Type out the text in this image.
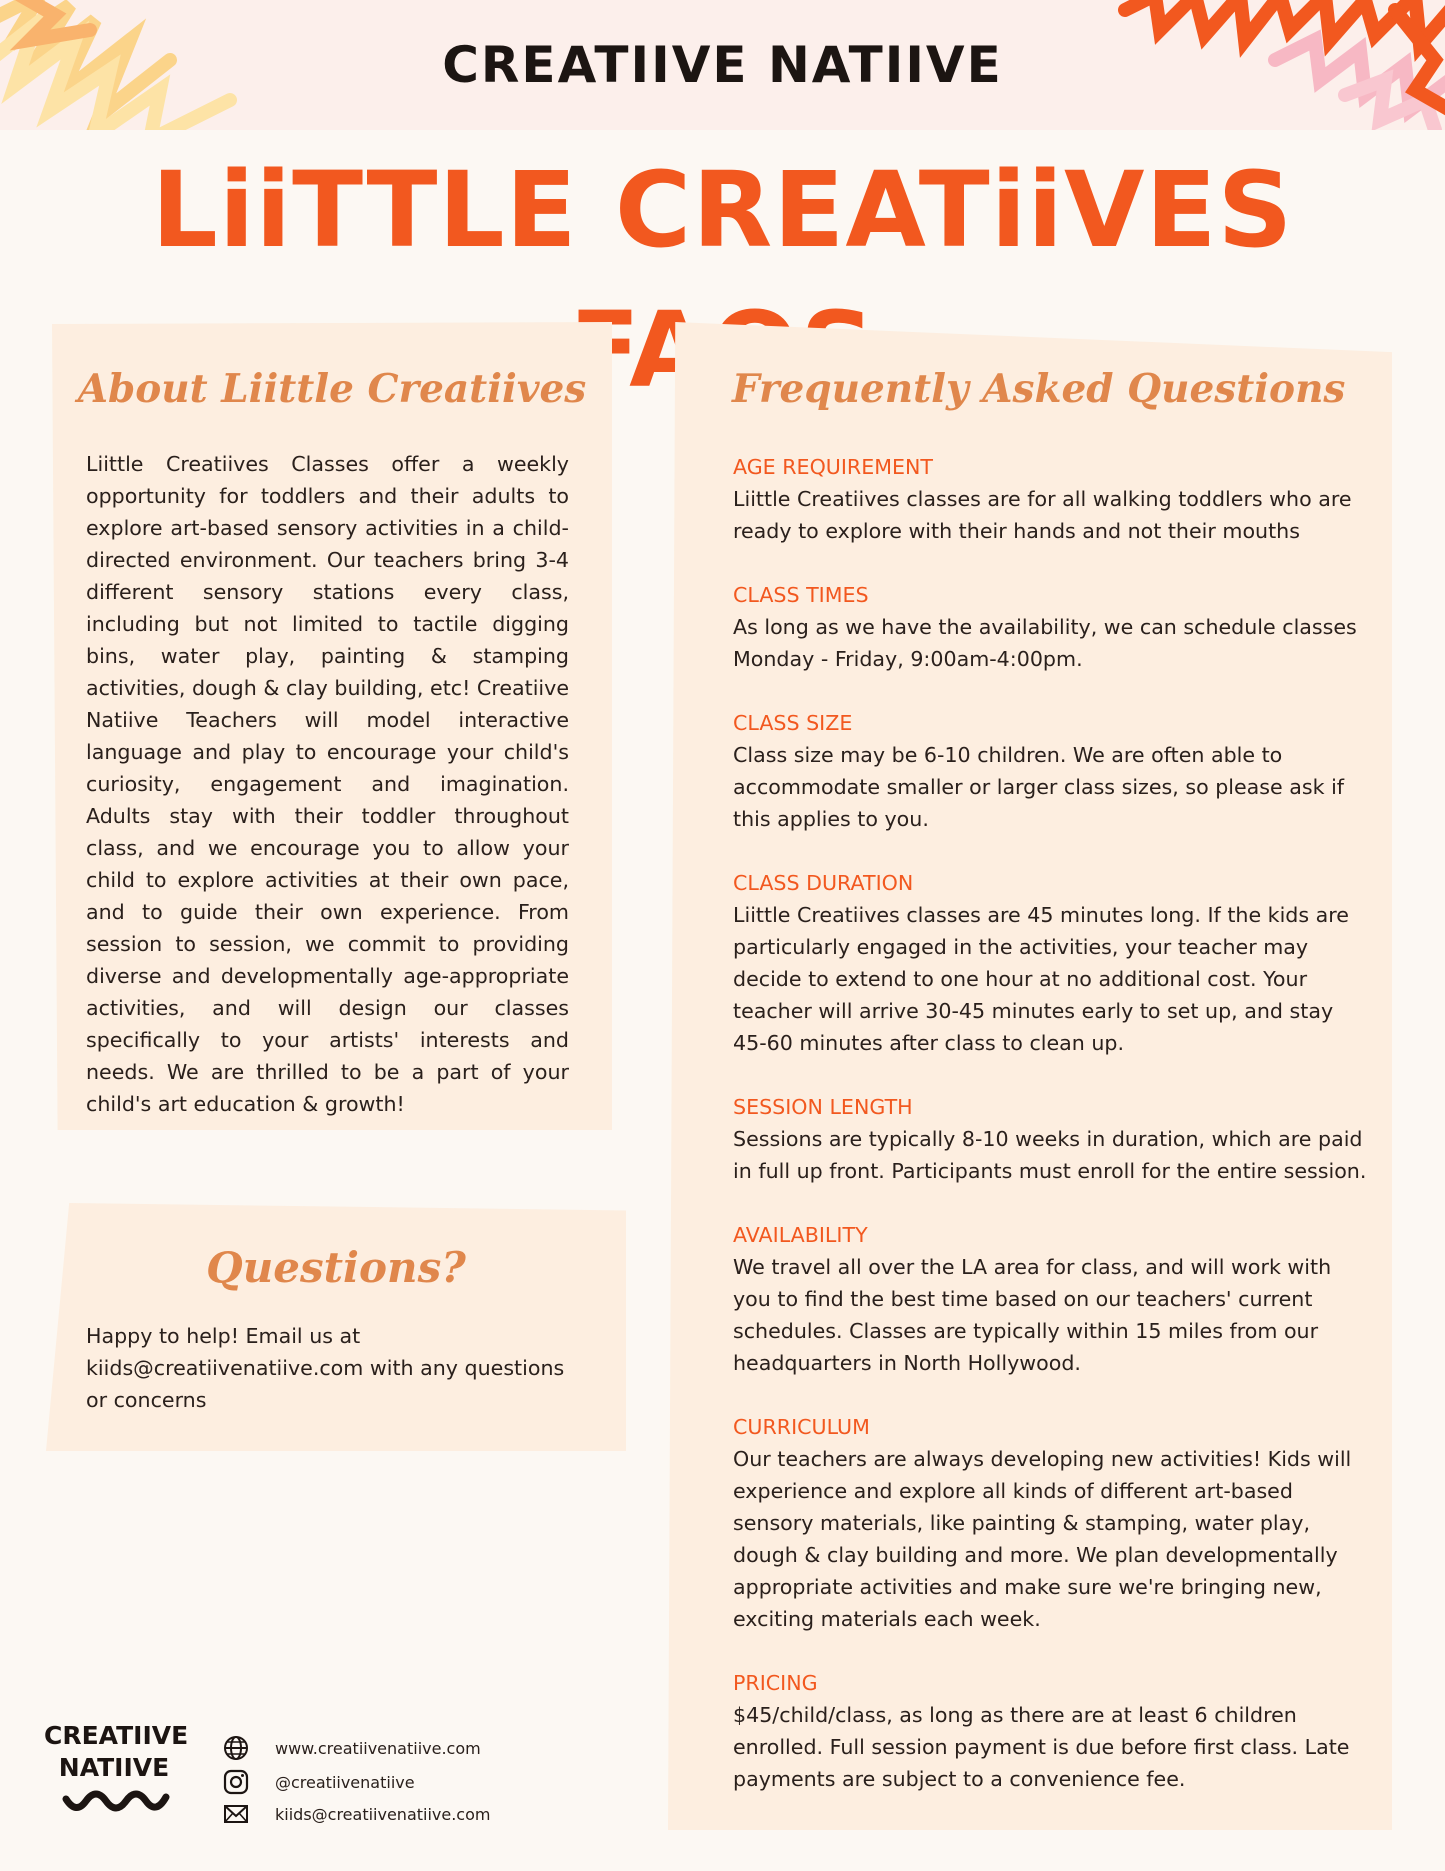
CREATIIVE NATIIVE
LiiTTLE CREATiiVES
About Liittle Creatiives
Liittle Creatiives Classes offer a weekly opportunity for toddlers and their adults to explore art-based sensory activities in a child-directed environment. Our teachers bring 3-4 different sensory stations every class, including but not limited to tactile digging bins, water play, painting & stamping activities, dough & clay building, etc! Creatiive Natiive Teachers will model interactive language and play to encourage your child's curiosity, engagement and imagination. Adults stay with their toddler throughout class, and we encourage you to allow your child to explore activities at their own pace, and to guide their own experience. From session to session, we commit to providing diverse and developmentally age-appropriate activities, and will design our classes specifically to your artists' interests and needs. We are thrilled to be a part of your child's art education & growth!
Questions?
Happy to help! Email us at kiids@creatiivenatiive.com with any questions or concerns
Frequently Asked Questions
AGE REQUIREMENT
Liittle Creatiives classes are for all walking toddlers who are ready to explore with their hands and not their mouths
CLASS TIMES
As long as we have the availability, we can schedule classes Monday - Friday, 9:00am-4:00pm.
CLASS SIZE
Class size may be 6-10 children. We are often able to accommodate smaller or larger class sizes, so please ask if this applies to you.
CLASS DURATION
Liittle Creatiives classes are 45 minutes long. If the kids are particularly engaged in the activities, your teacher may decide to extend to one hour at no additional cost. Your teacher will arrive 30-45 minutes early to set up, and stay 45-60 minutes after class to clean up.
SESSION LENGTH
Sessions are typically 8-10 weeks in duration, which are paid in full up front. Participants must enroll for the entire session.
AVAILABILITY
We travel all over the LA area for class, and will work with you to find the best time based on our teachers' current schedules. Classes are typically within 15 miles from our headquarters in North Hollywood.
CURRICULUM
Our teachers are always developing new activities! Kids will experience and explore all kinds of different art-based sensory materials, like painting & stamping, water play, dough & clay building and more. We plan developmentally appropriate activities and make sure we're bringing new, exciting materials each week.
PRICING
$45/child/class, as long as there are at least 6 children enrolled. Full session payment is due before first class. Late payments are subject to a convenience fee.
CREATIIVE
NATIIVE
www.creatiivenatiive.com
@creatiivenatiive
kiids@creatiivenatiive.com
